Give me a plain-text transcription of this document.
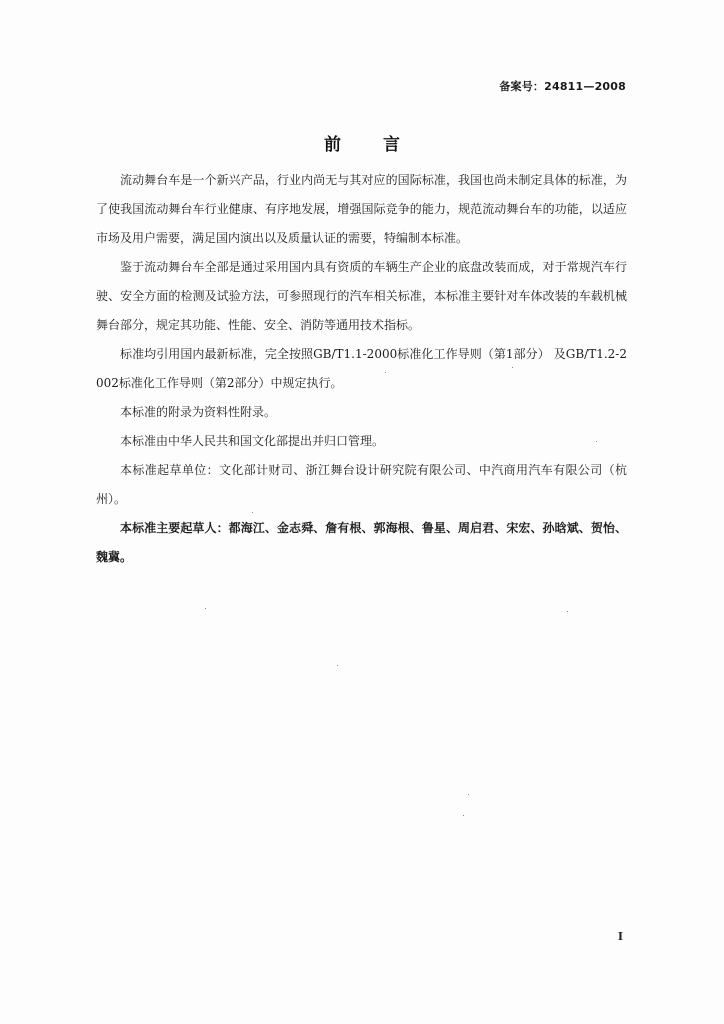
备案号：24811—2008
前言

流动舞台车是一个新兴产品，行业内尚无与其对应的国际标准，我国也尚未制定具体的标准，为了使我国流动舞台车行业健康、有序地发展，增强国际竞争的能力，规范流动舞台车的功能，以适应市场及用户需要，满足国内演出以及质量认证的需要，特编制本标准。

鉴于流动舞台车全部是通过采用国内具有资质的车辆生产企业的底盘改装而成，对于常规汽车行驶、安全方面的检测及试验方法，可参照现行的汽车相关标准，本标准主要针对车体改装的车载机械舞台部分，规定其功能、性能、安全、消防等通用技术指标。

标准均引用国内最新标准，完全按照GB/T1.1-2000标准化工作导则（第1部分） 及GB/T1.2-2002标准化工作导则（第2部分）中规定执行。

本标准的附录为资料性附录。

本标准由中华人民共和国文化部提出并归口管理。

本标准起草单位：文化部计财司、浙江舞台设计研究院有限公司、中汽商用汽车有限公司（杭州）。

本标准主要起草人：都海江、金志舜、詹有根、郭海根、鲁星、周启君、宋宏、孙晗斌、贺怡、魏冀。

I
